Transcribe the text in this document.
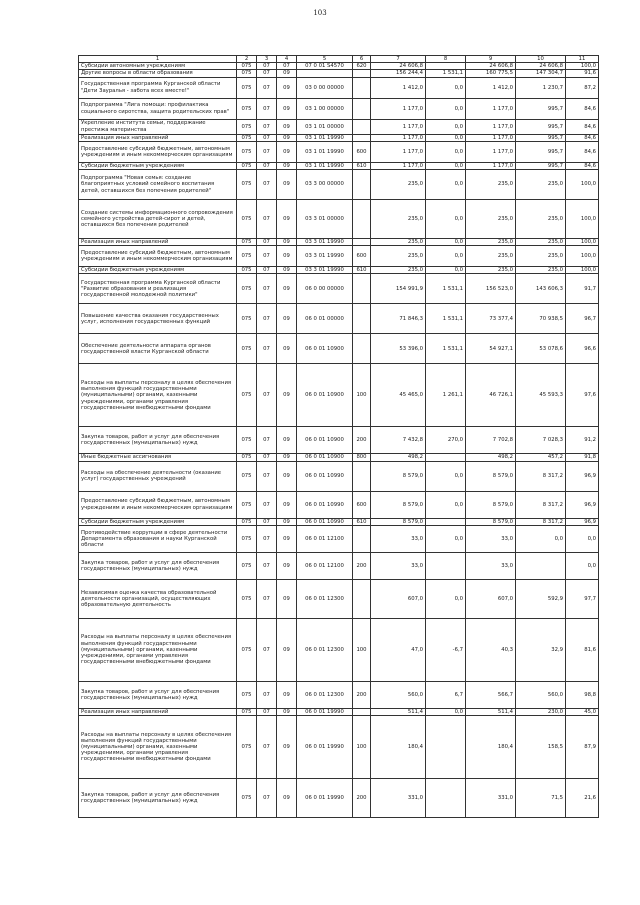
103
1	2	3	4	5	6	7	8	9	10	11
Субсидии автономным учреждениям	075	07	07	07 0 01 S4570	620	24 606,8		24 606,8	24 606,8	100,0
Другие вопросы в области образования	075	07	09			156 244,4	1 531,1	160 775,5	147 304,7	91,6
Государственная программа Курганской области "Дети Зауралья - забота всех вместе!"	075	07	09	03 0 00 00000		1 412,0	0,0	1 412,0	1 230,7	87,2
Подпрограмма "Лига помощи: профилактика социального сиротства, защита родительских прав"	075	07	09	03 1 00 00000		1 177,0	0,0	1 177,0	995,7	84,6
Укрепление института семьи, поддержание престижа материнства	075	07	09	03 1 01 00000		1 177,0	0,0	1 177,0	995,7	84,6
Реализация иных направлений	075	07	09	03 1 01 19990		1 177,0	0,0	1 177,0	995,7	84,6
Предоставление субсидий бюджетным, автономным учреждениям и иным некоммерческим организациям	075	07	09	03 1 01 19990	600	1 177,0	0,0	1 177,0	995,7	84,6
Субсидии бюджетным учреждениям	075	07	09	03 1 01 19990	610	1 177,0	0,0	1 177,0	995,7	84,6
Подпрограмма "Новая семья: создание благоприятных условий семейного воспитания детей, оставшихся без попечения родителей"	075	07	09	03 3 00 00000		235,0	0,0	235,0	235,0	100,0
Создание системы информационного сопровождения семейного устройства детей-сирот и детей, оставшихся без попечения родителей	075	07	09	03 3 01 00000		235,0	0,0	235,0	235,0	100,0
Реализация иных направлений	075	07	09	03 3 01 19990		235,0	0,0	235,0	235,0	100,0
Предоставление субсидий бюджетным, автономным учреждениям и иным некоммерческим организациям	075	07	09	03 3 01 19990	600	235,0	0,0	235,0	235,0	100,0
Субсидии бюджетным учреждениям	075	07	09	03 3 01 19990	610	235,0	0,0	235,0	235,0	100,0
Государственная программа Курганской области "Развитие образования и реализация государственной молодежной политики"	075	07	09	06 0 00 00000		154 991,9	1 531,1	156 523,0	143 606,3	91,7
Повышение качества оказания государственных услуг, исполнения государственных функций	075	07	09	06 0 01 00000		71 846,3	1 531,1	73 377,4	70 938,5	96,7
Обеспечение деятельности аппарата органов государственной власти Курганской области	075	07	09	06 0 01 10900		53 396,0	1 531,1	54 927,1	53 078,6	96,6
Расходы на выплаты персоналу в целях обеспечения выполнения функций государственными (муниципальными) органами, казенными учреждениями, органами управления государственными внебюджетными фондами	075	07	09	06 0 01 10900	100	45 465,0	1 261,1	46 726,1	45 593,3	97,6
Закупка товаров, работ и услуг для обеспечения государственных (муниципальных) нужд	075	07	09	06 0 01 10900	200	7 432,8	270,0	7 702,8	7 028,3	91,2
Иные бюджетные ассигнования	075	07	09	06 0 01 10900	800	498,2		498,2	457,2	91,8
Расходы на обеспечение деятельности (оказание услуг) государственных учреждений	075	07	09	06 0 01 10990		8 579,0	0,0	8 579,0	8 317,2	96,9
Предоставление субсидий бюджетным, автономным учреждениям и иным некоммерческим организациям	075	07	09	06 0 01 10990	600	8 579,0	0,0	8 579,0	8 317,2	96,9
Субсидии бюджетным учреждениям	075	07	09	06 0 01 10990	610	8 579,0		8 579,0	8 317,2	96,9
Противодействие коррупции в сфере деятельности Департамента образования и науки Курганской области	075	07	09	06 0 01 12100		33,0	0,0	33,0	0,0	0,0
Закупка товаров, работ и услуг для обеспечения государственных (муниципальных) нужд	075	07	09	06 0 01 12100	200	33,0		33,0		0,0
Независимая оценка качества образовательной деятельности организаций, осуществляющих образовательную деятельность	075	07	09	06 0 01 12300		607,0	0,0	607,0	592,9	97,7
Расходы на выплаты персоналу в целях обеспечения выполнения функций государственными (муниципальными) органами, казенными учреждениями, органами управления государственными внебюджетными фондами	075	07	09	06 0 01 12300	100	47,0	-6,7	40,3	32,9	81,6
Закупка товаров, работ и услуг для обеспечения государственных (муниципальных) нужд	075	07	09	06 0 01 12300	200	560,0	6,7	566,7	560,0	98,8
Реализация иных направлений	075	07	09	06 0 01 19990		511,4	0,0	511,4	230,0	45,0
Расходы на выплаты персоналу в целях обеспечения выполнения функций государственными (муниципальными) органами, казенными учреждениями, органами управления государственными внебюджетными фондами	075	07	09	06 0 01 19990	100	180,4		180,4	158,5	87,9
Закупка товаров, работ и услуг для обеспечения государственных (муниципальных) нужд	075	07	09	06 0 01 19990	200	331,0		331,0	71,5	21,6
